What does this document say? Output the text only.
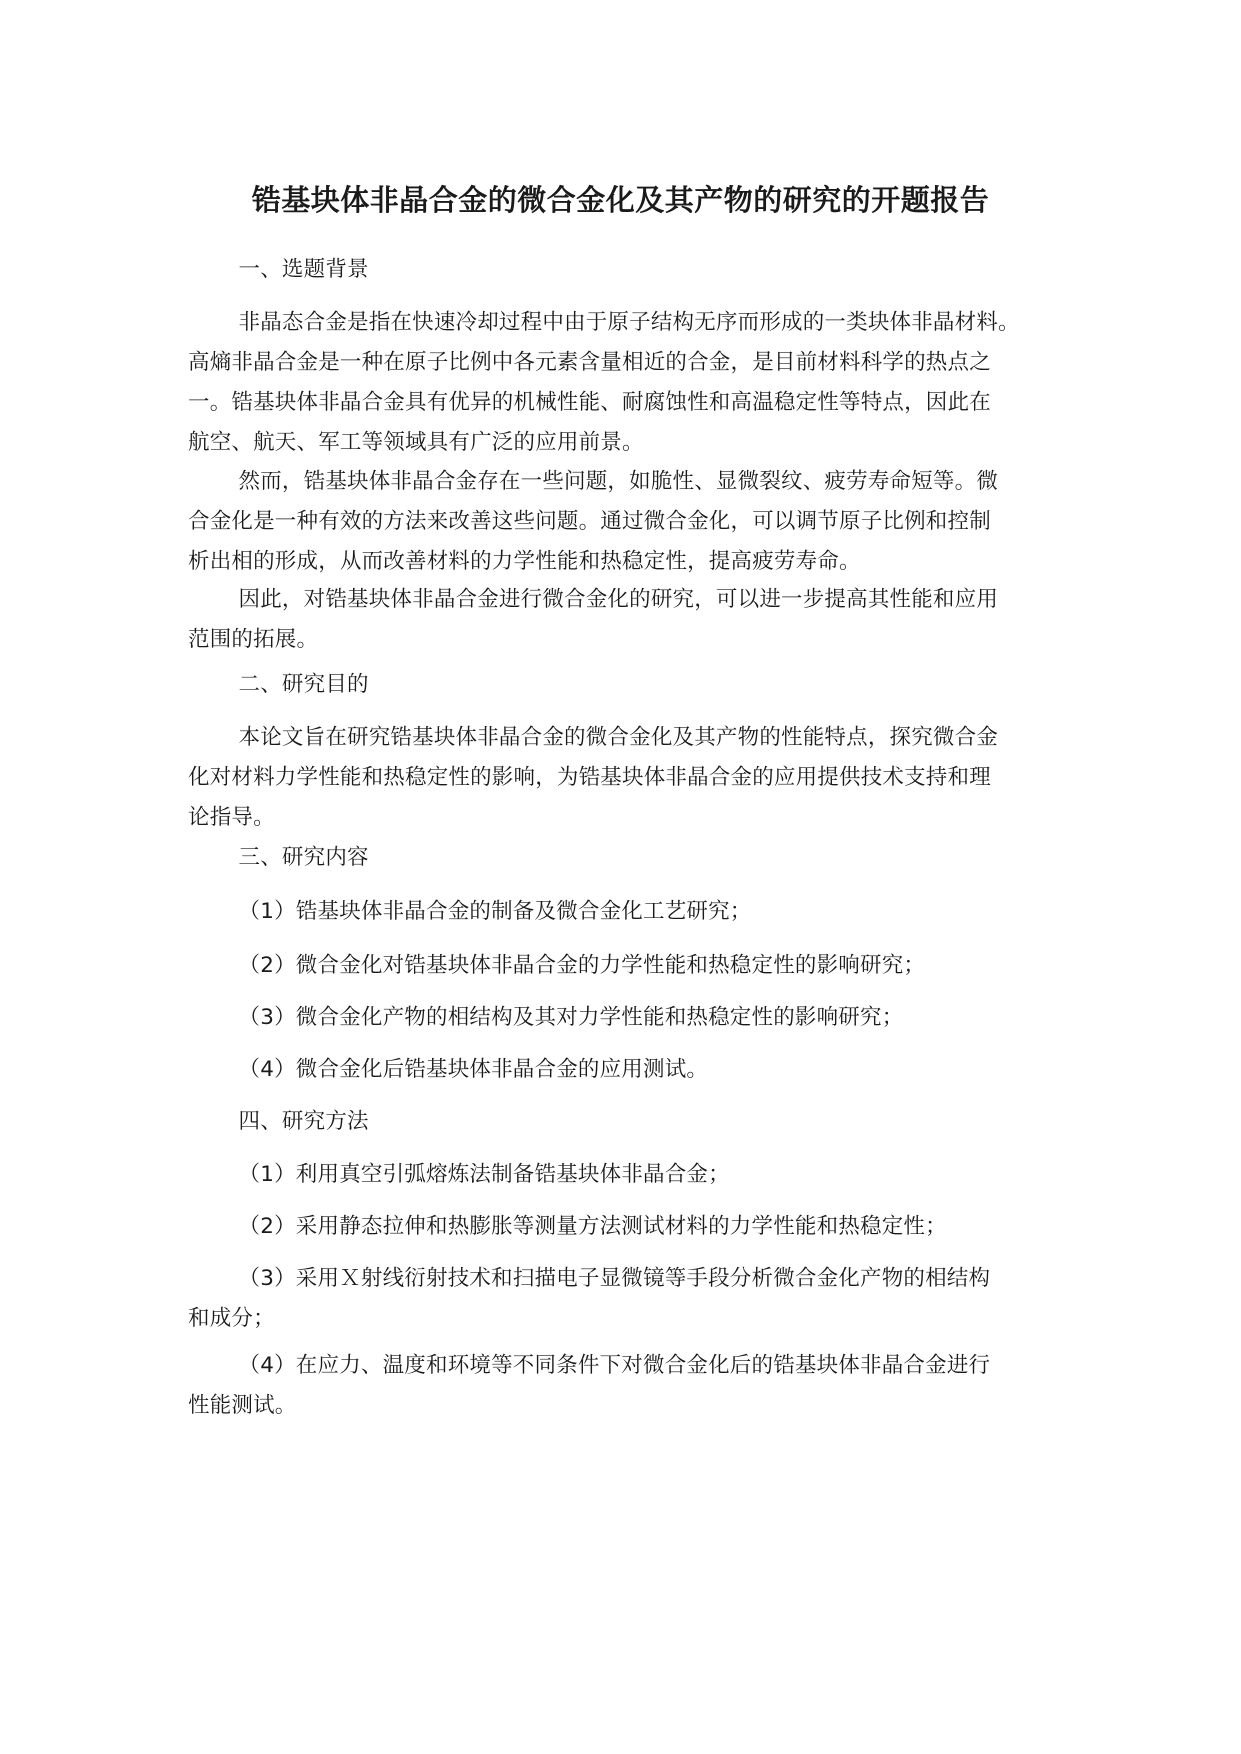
锆基块体非晶合金的微合金化及其产物的研究的开题报告
一、选题背景
非晶态合金是指在快速冷却过程中由于原子结构无序而形成的一类块体非晶材料。
高熵非晶合金是一种在原子比例中各元素含量相近的合金，是目前材料科学的热点之
一。锆基块体非晶合金具有优异的机械性能、耐腐蚀性和高温稳定性等特点，因此在
航空、航天、军工等领域具有广泛的应用前景。
然而，锆基块体非晶合金存在一些问题，如脆性、显微裂纹、疲劳寿命短等。微
合金化是一种有效的方法来改善这些问题。通过微合金化，可以调节原子比例和控制
析出相的形成，从而改善材料的力学性能和热稳定性，提高疲劳寿命。
因此，对锆基块体非晶合金进行微合金化的研究，可以进一步提高其性能和应用
范围的拓展。
二、研究目的
本论文旨在研究锆基块体非晶合金的微合金化及其产物的性能特点，探究微合金
化对材料力学性能和热稳定性的影响，为锆基块体非晶合金的应用提供技术支持和理
论指导。
三、研究内容
（1）锆基块体非晶合金的制备及微合金化工艺研究；
（2）微合金化对锆基块体非晶合金的力学性能和热稳定性的影响研究；
（3）微合金化产物的相结构及其对力学性能和热稳定性的影响研究；
（4）微合金化后锆基块体非晶合金的应用测试。
四、研究方法
（1）利用真空引弧熔炼法制备锆基块体非晶合金；
（2）采用静态拉伸和热膨胀等测量方法测试材料的力学性能和热稳定性；
（3）采用Ｘ射线衍射技术和扫描电子显微镜等手段分析微合金化产物的相结构
和成分；
（4）在应力、温度和环境等不同条件下对微合金化后的锆基块体非晶合金进行
性能测试。
